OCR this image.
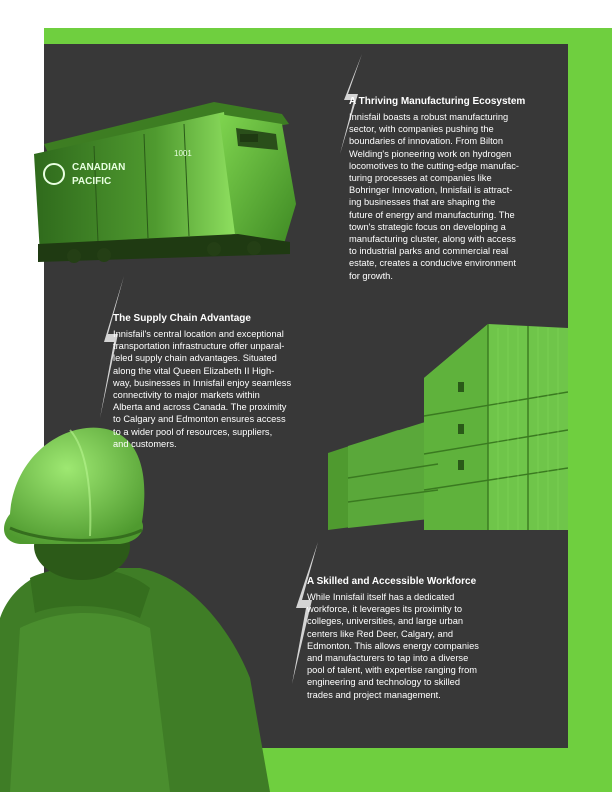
CANADIAN
PACIFIC
1001
A Thriving Manufacturing Ecosystem

Innisfail boasts a robust manufacturing
sector, with companies pushing the
boundaries of innovation. From Bilton
Welding's pioneering work on hydrogen
locomotives to the cutting-edge manufac-
turing processes at companies like
Bohringer Innovation, Innisfail is attract-
ing businesses that are shaping the
future of energy and manufacturing. The
town's strategic focus on developing a
manufacturing cluster, along with access
to industrial parks and commercial real
estate, creates a conducive environment
for growth.

The Supply Chain Advantage

Innisfail's central location and exceptional
transportation infrastructure offer unparal-
leled supply chain advantages. Situated
along the vital Queen Elizabeth II High-
way, businesses in Innisfail enjoy seamless
connectivity to major markets within
Alberta and across Canada. The proximity
to Calgary and Edmonton ensures access
to a wider pool of resources, suppliers,
and customers.

A Skilled and Accessible Workforce

While Innisfail itself has a dedicated
workforce, it leverages its proximity to
colleges, universities, and large urban
centers like Red Deer, Calgary, and
Edmonton. This allows energy companies
and manufacturers to tap into a diverse
pool of talent, with expertise ranging from
engineering and technology to skilled
trades and project management.
